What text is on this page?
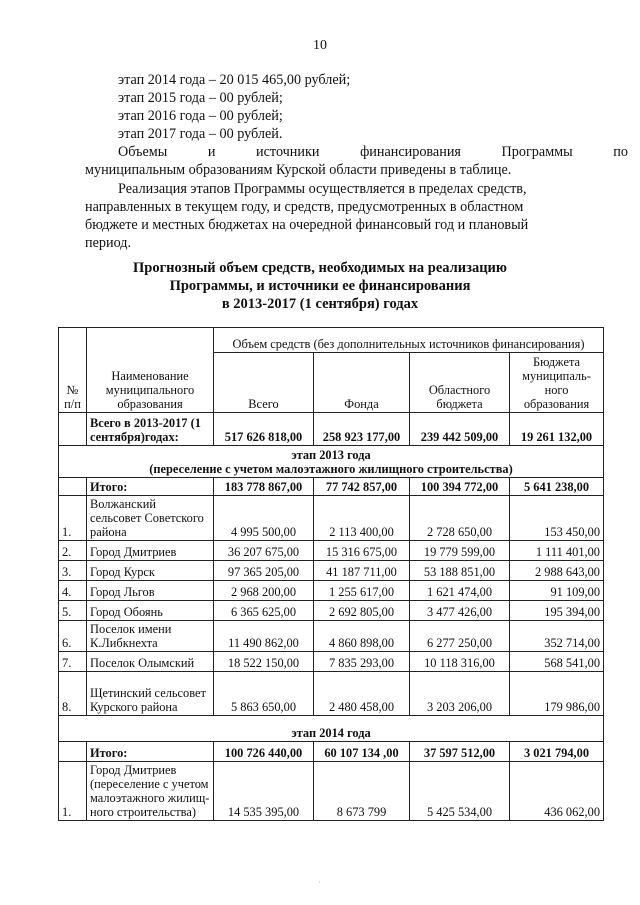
10
этап 2014 года – 20 015 465,00 рублей;
этап 2015 года – 00 рублей;
этап 2016 года – 00 рублей;
этап 2017 года – 00 рублей.
Объемы	и	источники	финансирования	Программы	по
муниципальным образованиям Курской области приведены в таблице.
Реализация этапов Программы осуществляется в пределах средств,
направленных в текущем году, и средств, предусмотренных в областном
бюджете и местных бюджетах на очередной финансовый год и плановый
период.
Прогнозный объем средств, необходимых на реализацию
Программы, и источники ее финансирования
в 2013-2017 (1 сентября) годах
№ п/п	Наименование муниципального образования	Объем средств (без дополнительных источников финансирования)			
		Всего	Фонда	Областного бюджета	Бюджета муниципаль-ного образования
	Всего в 2013-2017 (1 сентября)годах:	517 626 818,00	258 923 177,00	239 442 509,00	19 261 132,00

этап 2013 года
(переселение с учетом малоэтажного жилищного строительства)					

	Итого:	183 778 867,00	77 742 857,00	100 394 772,00	5 641 238,00
1.	Волжанский сельсовет Советского района	4 995 500,00	2 113 400,00	2 728 650,00	153 450,00
2.	Город Дмитриев	36 207 675,00	15 316 675,00	19 779 599,00	1 111 401,00
3.	Город Курск	97 365 205,00	41 187 711,00	53 188 851,00	2 988 643,00
4.	Город Льгов	2 968 200,00	1 255 617,00	1 621 474,00	91 109,00
5.	Город Обоянь	6 365 625,00	2 692 805,00	3 477 426,00	195 394,00
6.	Поселок имени К.Либкнехта	11 490 862,00	4 860 898,00	6 277 250,00	352 714,00
7.	Поселок Олымский	18 522 150,00	7 835 293,00	10 118 316,00	568 541,00
8.	Щетинский сельсовет Курского района	5 863 650,00	2 480 458,00	3 203 206,00	179 986,00
этап 2014 года					
	Итого:	100 726 440,00	60 107 134 ,00	37 597 512,00	3 021 794,00
1.	Город Дмитриев (переселение с учетом малоэтажного жилищ-ного строительства)	14 535 395,00	8 673 799	5 425 534,00	436 062,00
·
